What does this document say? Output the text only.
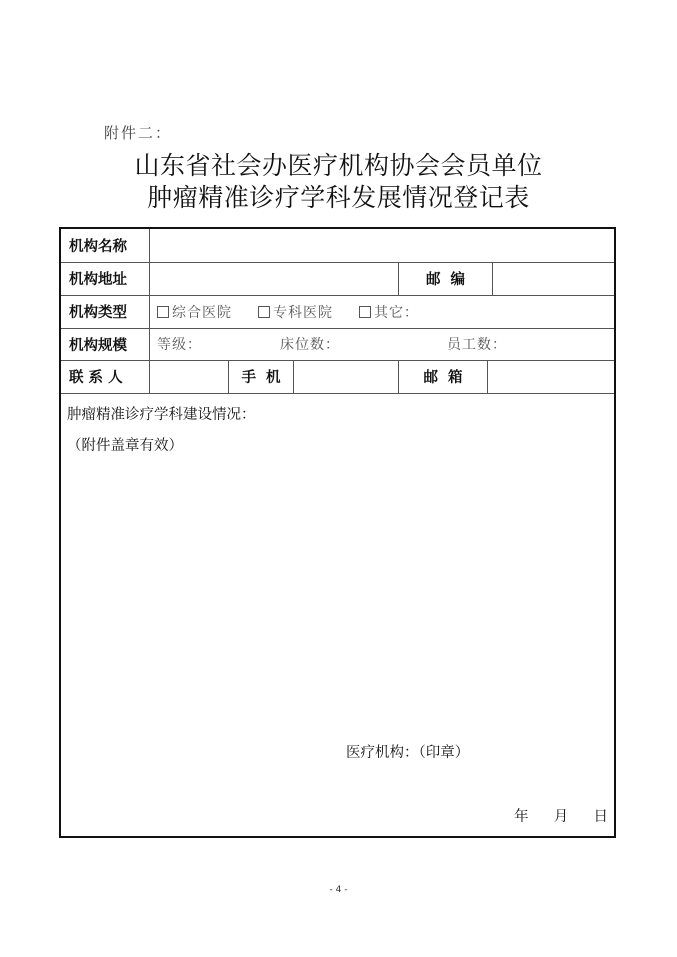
附件二：
山东省社会办医疗机构协会会员单位
肿瘤精准诊疗学科发展情况登记表
机构名称
机构地址	邮  编
机构类型	综合医院	专科医院	其它：
机构规模	等级：	床位数：	员工数：
联 系 人	手  机	邮  箱
肿瘤精准诊疗学科建设情况：
（附件盖章有效）
医疗机构：（印章）
年 月 日
- 4 -
